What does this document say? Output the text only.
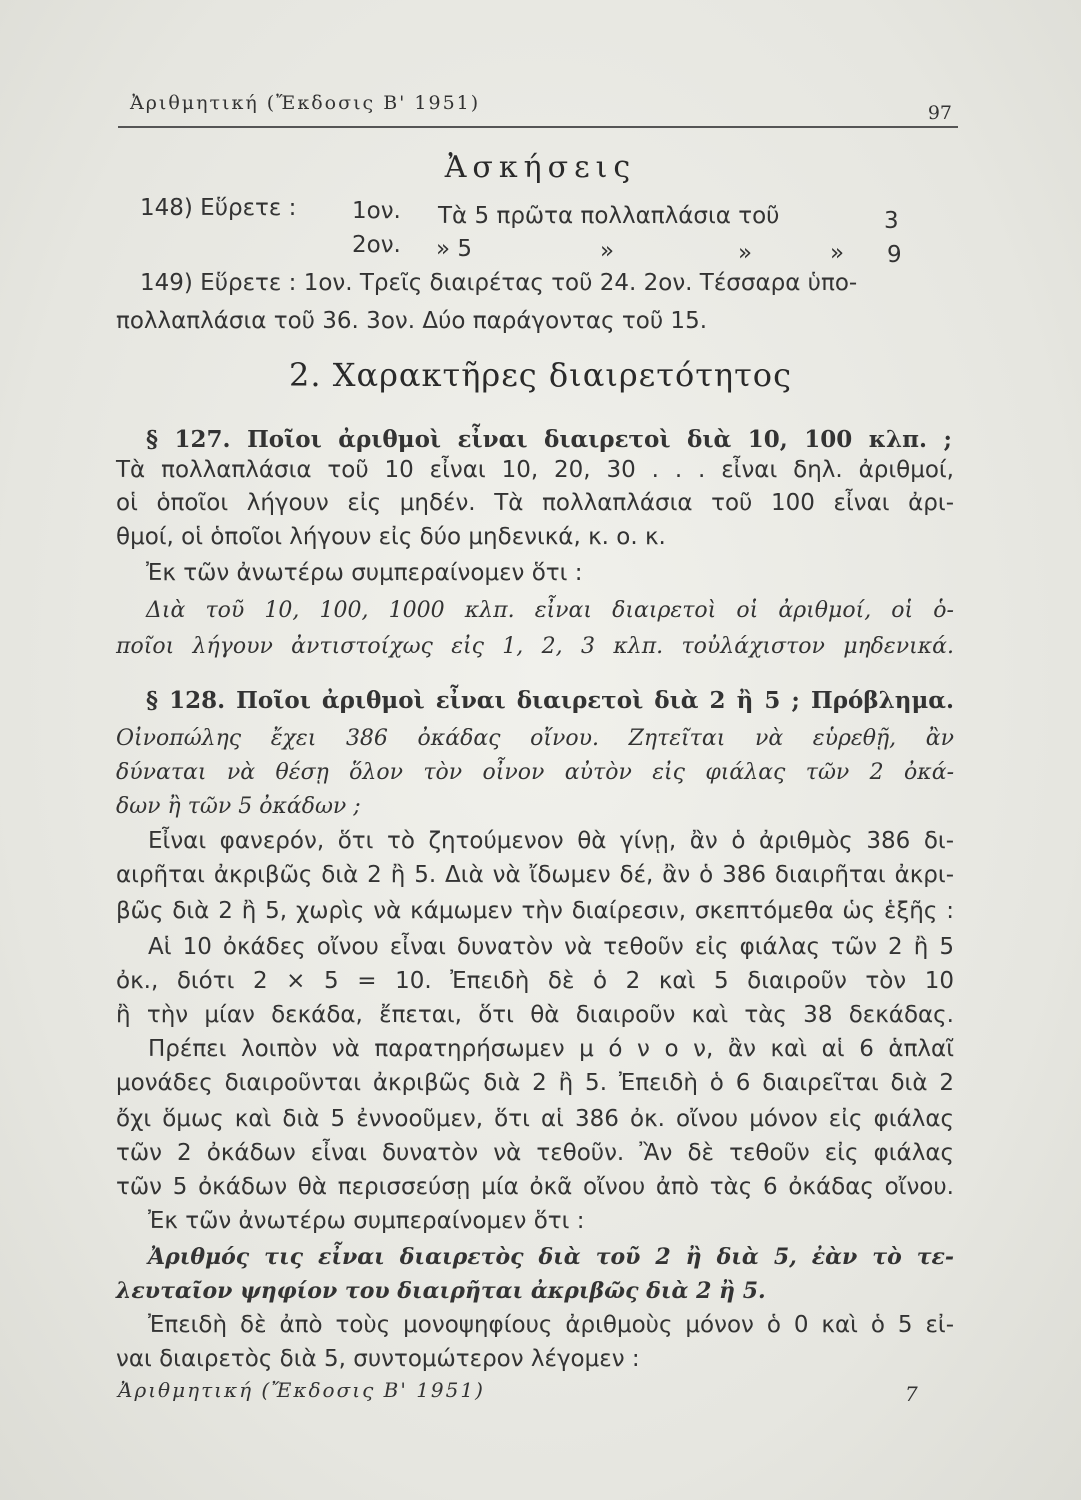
Ἀριθμητική (Ἔκδοσις Β' 1951)	97
Ἀσκήσεις
148) Εὕρετε : 1ον. Τὰ 5 πρῶτα πολλαπλάσια τοῦ	3
2ον. » 5	»	»	» 9
149) Εὕρετε : 1ον. Τρεῖς διαιρέτας τοῦ 24. 2ον. Τέσσαρα ὑπο-
πολλαπλάσια τοῦ 36. 3ον. Δύο παράγοντας τοῦ 15.
2. Χαρακτῆρες διαιρετότητος
§ 127. Ποῖοι ἀριθμοὶ εἶναι διαιρετοὶ διὰ 10, 100 κλπ. ;
Τὰ πολλαπλάσια τοῦ 10 εἶναι 10, 20, 30 . . . εἶναι δηλ. ἀριθμοί,
οἱ ὁποῖοι λήγουν εἰς μηδέν. Τὰ πολλαπλάσια τοῦ 100 εἶναι ἀρι-
θμοί, οἱ ὁποῖοι λήγουν εἰς δύο μηδενικά, κ. ο. κ.
Ἐκ τῶν ἀνωτέρω συμπεραίνομεν ὅτι :
Διὰ τοῦ 10, 100, 1000 κλπ. εἶναι διαιρετοὶ οἱ ἀριθμοί, οἱ ὁ-
ποῖοι λήγουν ἀντιστοίχως εἰς 1, 2, 3 κλπ. τοὐλάχιστον μηδενικά.
§ 128. Ποῖοι ἀριθμοὶ εἶναι διαιρετοὶ διὰ 2 ἢ 5 ; Πρόβλημα.
Οἰνοπώλης ἔχει 386 ὀκάδας οἴνου. Ζητεῖται νὰ εὑρεθῇ, ἂν
δύναται νὰ θέσῃ ὅλον τὸν οἶνον αὐτὸν εἰς φιάλας τῶν 2 ὀκά-
δων ἢ τῶν 5 ὀκάδων ;
Εἶναι φανερόν, ὅτι τὸ ζητούμενον θὰ γίνῃ, ἂν ὁ ἀριθμὸς 386 δι-
αιρῆται ἀκριβῶς διὰ 2 ἢ 5. Διὰ νὰ ἴδωμεν δέ, ἂν ὁ 386 διαιρῆται ἀκρι-
βῶς διὰ 2 ἢ 5, χωρὶς νὰ κάμωμεν τὴν διαίρεσιν, σκεπτόμεθα ὡς ἑξῆς :
Αἱ 10 ὀκάδες οἴνου εἶναι δυνατὸν νὰ τεθοῦν εἰς φιάλας τῶν 2 ἢ 5
ὀκ., διότι 2 × 5 = 10. Ἐπειδὴ δὲ ὁ 2 καὶ 5 διαιροῦν τὸν 10
ἢ τὴν μίαν δεκάδα, ἔπεται, ὅτι θὰ διαιροῦν καὶ τὰς 38 δεκάδας.
Πρέπει λοιπὸν νὰ παρατηρήσωμεν μ ό ν ο ν, ἂν καὶ αἱ 6 ἁπλαῖ
μονάδες διαιροῦνται ἀκριβῶς διὰ 2 ἢ 5. Ἐπειδὴ ὁ 6 διαιρεῖται διὰ 2
ὄχι ὅμως καὶ διὰ 5 ἐννοοῦμεν, ὅτι αἱ 386 ὀκ. οἴνου μόνον εἰς φιάλας
τῶν 2 ὀκάδων εἶναι δυνατὸν νὰ τεθοῦν. Ἂν δὲ τεθοῦν εἰς φιάλας
τῶν 5 ὀκάδων θὰ περισσεύσῃ μία ὀκᾶ οἴνου ἀπὸ τὰς 6 ὀκάδας οἴνου.
Ἐκ τῶν ἀνωτέρω συμπεραίνομεν ὅτι :
Ἀριθμός τις εἶναι διαιρετὸς διὰ τοῦ 2 ἢ διὰ 5, ἐὰν τὸ τε-
λευταῖον ψηφίον του διαιρῆται ἀκριβῶς διὰ 2 ἢ 5.
Ἐπειδὴ δὲ ἀπὸ τοὺς μονοψηφίους ἀριθμοὺς μόνον ὁ 0 καὶ ὁ 5 εἰ-
ναι διαιρετὸς διὰ 5, συντομώτερον λέγομεν :
Ἀριθμητική (Ἔκδοσις Β' 1951)	7
